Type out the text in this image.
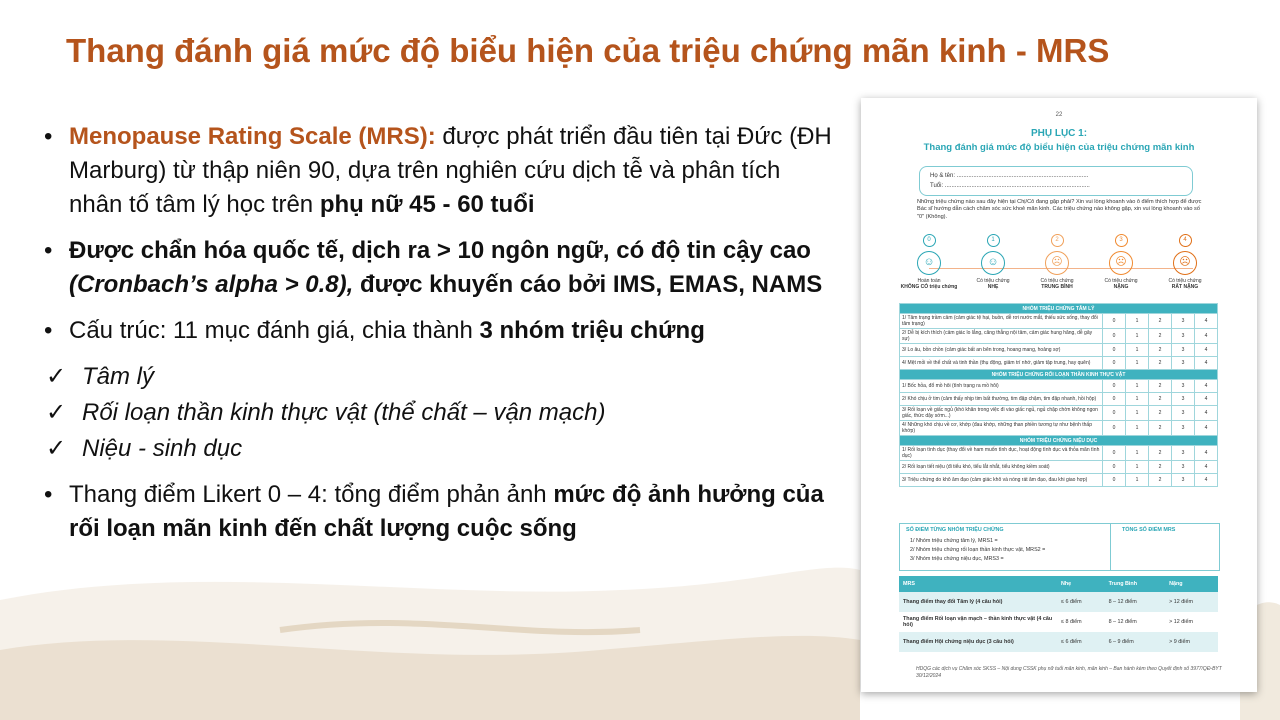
Thang đánh giá mức độ biểu hiện của triệu chứng mãn kinh - MRS
• Menopause Rating Scale (MRS): được phát triển đầu tiên tại Đức (ĐH Marburg) từ thập niên 90, dựa trên nghiên cứu dịch tễ và phân tích nhân tố tâm lý học trên phụ nữ 45 - 60 tuổi
• Được chẩn hóa quốc tế, dịch ra > 10 ngôn ngữ, có độ tin cậy cao (Cronbach’s alpha > 0.8), được khuyến cáo bởi IMS, EMAS, NAMS
• Cấu trúc: 11 mục đánh giá, chia thành 3 nhóm triệu chứng
✓ Tâm lý
✓ Rối loạn thần kinh thực vật (thể chất – vận mạch)
✓ Niệu - sinh dục
• Thang điểm Likert 0 – 4: tổng điểm phản ảnh mức độ ảnh hưởng của rối loạn mãn kinh đến chất lượng cuộc sống
22
PHỤ LỤC 1:
Thang đánh giá mức độ biểu hiện của triệu chứng mãn kinh
Họ & tên: ...............................................................................
Tuổi: .......................................................................................
Những triệu chứng nào sau đây hiện tại Chị/Cô đang gặp phải? Xin vui lòng khoanh vào ô điểm thích hợp để được Bác sĩ hướng dẫn cách chăm sóc sức khoẻ mãn kinh. Các triệu chứng nào không gặp, xin vui lòng khoanh vào số "0" (Không).
0
☺
Hoàn toàn
KHÔNG CÓ triệu chứng
1
☺
Có triệu chứng
NHẸ
2
☹
Có triệu chứng
TRUNG BÌNH
3
☹
Có triệu chứng
NẶNG
4
☹
Có triệu chứng
RẤT NẶNG
NHÓM TRIỆU CHỨNG TÂM LÝ					
1/ Tâm trạng trầm cảm (cảm giác tệ hại, buồn, dễ rơi nước mắt, thiếu sức sống, thay đổi tâm trạng)	0	1	2	3	4
2/ Dễ bị kích thích (cảm giác lo lắng, căng thẳng nội tâm, cảm giác hung hăng, dễ gây sự)	0	1	2	3	4
3/ Lo âu, bồn chồn (cảm giác bất an bên trong, hoang mang, hoảng sợ)	0	1	2	3	4
4/ Mệt mỏi về thể chất và tinh thần (thụ động, giảm trí nhớ, giảm tập trung, hay quên)	0	1	2	3	4
NHÓM TRIỆU CHỨNG RỐI LOẠN THẦN KINH THỰC VẬT					
1/ Bốc hỏa, đổ mồ hôi (tình trạng ra mồ hôi)	0	1	2	3	4
2/ Khó chịu ở tim (cảm thấy nhịp tim bất thường, tim đập chậm, tim đập nhanh, hồi hộp)	0	1	2	3	4
3/ Rối loạn về giấc ngủ (khó khăn trong việc đi vào giấc ngủ, ngủ chập chờn không ngon giấc, thức dậy sớm...)	0	1	2	3	4
4/ Những khó chịu về cơ, khớp (đau khớp, những than phiền tương tự như bệnh thấp khớp)	0	1	2	3	4
NHÓM TRIỆU CHỨNG NIỆU DỤC					
1/ Rối loạn tình dục (thay đổi về ham muốn tình dục, hoạt động tình dục và thỏa mãn tình dục)	0	1	2	3	4
2/ Rối loạn tiết niệu (đi tiểu khó, tiểu lắt nhắt, tiểu không kiềm soát)	0	1	2	3	4
3/ Triệu chứng do khô âm đạo (cảm giác khô và nóng rát âm đạo, đau khi giao hợp)	0	1	2	3	4
SỐ ĐIỂM TỪNG NHÓM TRIỆU CHỨNG
1/ Nhóm triệu chứng tâm lý, MRS1 =
2/ Nhóm triệu chứng rối loạn thần kinh thực vật, MRS2 =
3/ Nhóm triệu chứng niệu dục, MRS3 =
TỔNG SỐ ĐIỂM MRS
MRS	Nhẹ	Trung Bình	Nặng
Thang điểm thay đổi Tâm lý (4 câu hỏi)	≤ 6 điểm	8 – 12 điểm	> 12 điểm
Thang điểm Rối loạn vận mạch – thần kinh thực vật (4 câu hỏi)	≤ 8 điểm	8 – 12 điểm	> 12 điểm
Thang điểm Hội chứng niệu dục (3 câu hỏi)	≤ 6 điểm	6 – 9 điểm	> 9 điểm
HDQG các dịch vụ Chăm sóc SKSS – Nội dung CSSK phụ nữ tuổi mãn kinh, mãn kinh – Ban hành kèm theo Quyết định số 3977/QĐ-BYT 30/12/2024
